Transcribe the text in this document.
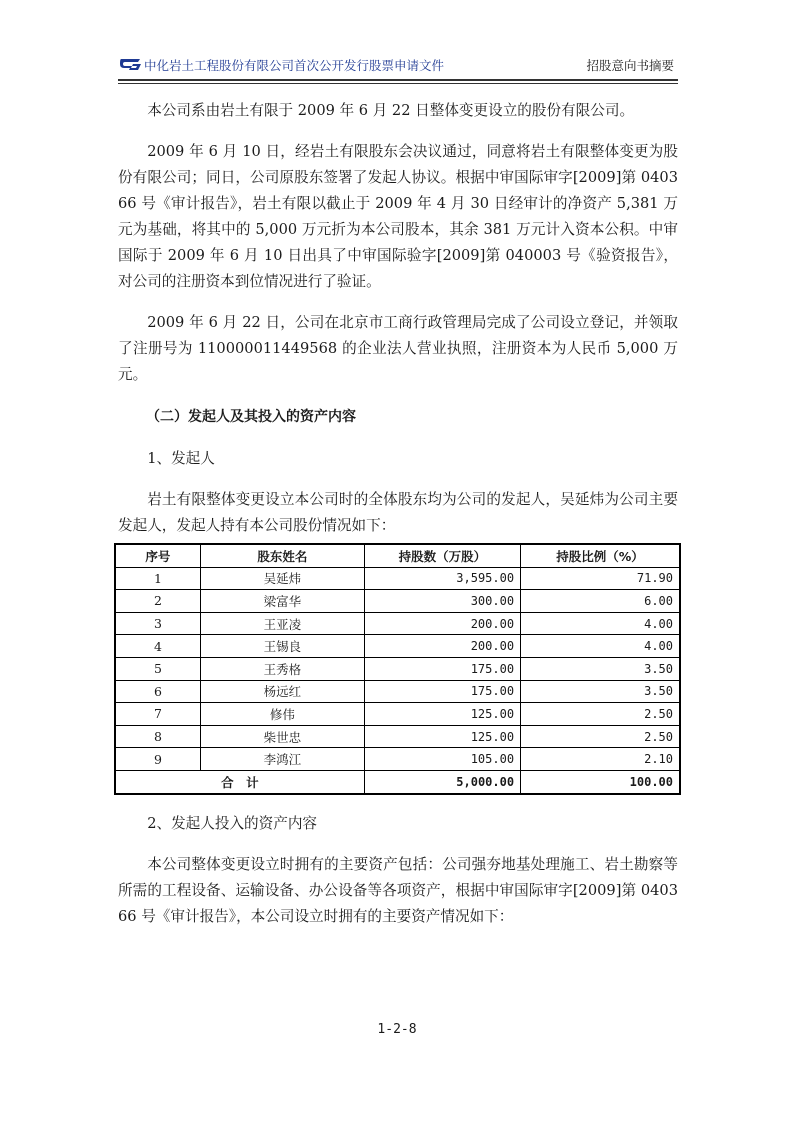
中化岩土工程股份有限公司首次公开发行股票申请文件	招股意向书摘要

本公司系由岩土有限于 2009 年 6 月 22 日整体变更设立的股份有限公司。

2009 年 6 月 10 日，经岩土有限股东会决议通过，同意将岩土有限整体变更为股份有限公司；同日，公司原股东签署了发起人协议。根据中审国际审字[2009]第 040366 号《审计报告》，岩土有限以截止于 2009 年 4 月 30 日经审计的净资产 5,381 万元为基础，将其中的 5,000 万元折为本公司股本，其余 381 万元计入资本公积。中审国际于 2009 年 6 月 10 日出具了中审国际验字[2009]第 040003 号《验资报告》，对公司的注册资本到位情况进行了验证。

2009 年 6 月 22 日，公司在北京市工商行政管理局完成了公司设立登记，并领取了注册号为 110000011449568 的企业法人营业执照，注册资本为人民币 5,000 万元。

（二）发起人及其投入的资产内容

1、发起人

岩土有限整体变更设立本公司时的全体股东均为公司的发起人，吴延炜为公司主要发起人，发起人持有本公司股份情况如下：

序号	股东姓名	持股数（万股）	持股比例（%）
1	吴延炜	3,595.00	71.90
2	梁富华	300.00	6.00
3	王亚凌	200.00	4.00
4	王锡良	200.00	4.00
5	王秀格	175.00	3.50
6	杨远红	175.00	3.50
7	修伟	125.00	2.50
8	柴世忠	125.00	2.50
9	李鸿江	105.00	2.10
合　计		5,000.00	100.00

2、发起人投入的资产内容

本公司整体变更设立时拥有的主要资产包括：公司强夯地基处理施工、岩土勘察等所需的工程设备、运输设备、办公设备等各项资产，根据中审国际审字[2009]第 040366 号《审计报告》，本公司设立时拥有的主要资产情况如下：

1-2-8
